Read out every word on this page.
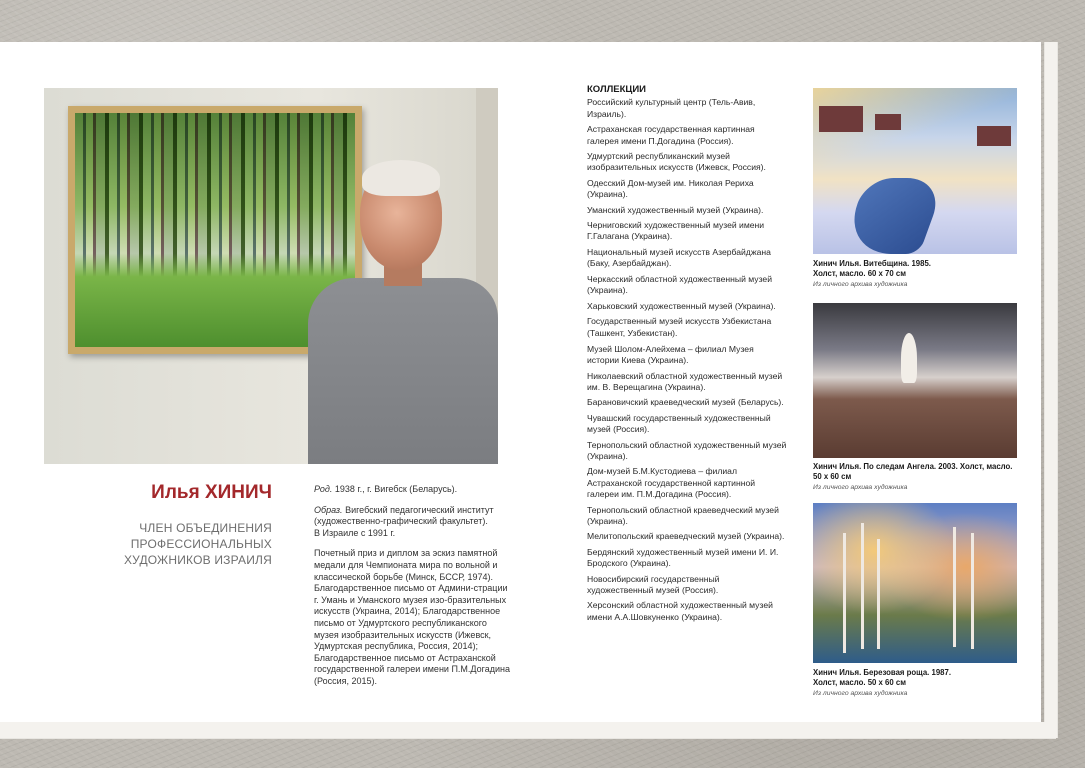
Илья ХИНИЧ
ЧЛЕН ОБЪЕДИНЕНИЯ
ПРОФЕССИОНАЛЬНЫХ
ХУДОЖНИКОВ ИЗРАИЛЯ

Род. 1938 г., г. Вигебск (Беларусь).

Образ. Вигебский педагогический институт (художественно-графический факультет).
В Израиле с 1991 г.

Почетный приз и диплом за эскиз памятной медали для Чемпионата мира по вольной и классической борьбе (Минск, БССР, 1974). Благодарственное письмо от Админи-страции г. Умань и Уманского музея изо-бразительных искусств (Украина, 2014); Благодарственное письмо от Удмуртского республиканского музея изобразительных искусств (Ижевск, Удмуртская республика, Россия, 2014); Благодарственное письмо от Астраханской государственной галереи имени П.М.Догадина (Россия, 2015).

КОЛЛЕКЦИИ
Российский культурный центр (Тель-Авив, Израиль).
Астраханская государственная картинная галерея имени П.Догадина (Россия).
Удмуртский республиканский музей изобразительных искусств (Ижевск, Россия).
Одесский Дом-музей им. Николая Рериха (Украина).
Уманский художественный музей (Украина).
Черниговский художественный музей имени Г.Галагана (Украина).
Национальный музей искусств Азербайджана (Баку, Азербайджан).
Черкасский областной художественный музей (Украина).
Харьковский художественный музей (Украина).
Государственный музей искусств Узбекистана
(Ташкент, Узбекистан).
Музей Шолом-Алейхема – филиал Музея истории Киева (Украина).
Николаевский областной художественный музей им. В. Верещагина (Украина).
Барановичский краеведческий музей (Беларусь).
Чувашский государственный художественный музей (Россия).
Тернопольский областной художественный музей (Украина).
Дом-музей Б.М.Кустодиева – филиал Астраханской государственной картинной галереи им. П.М.Догадина (Россия).
Тернопольский областной краеведческий музей (Украина).
Мелитопольский краеведческий музей (Украина).
Бердянский художественный музей имени И. И. Бродского (Украина).
Новосибирский государственный художественный музей (Россия).
Херсонский областной художественный музей имени А.А.Шовкуненко (Украина).
Хинич Илья. Витебщина. 1985.
Холст, масло. 60 х 70 см
Из личного архива художника
Хинич Илья. По следам Ангела. 2003. Холст, масло.
50 х 60 см
Из личного архива художника
Хинич Илья. Березовая роща. 1987.
Холст, масло. 50 х 60 см
Из личного архива художника
